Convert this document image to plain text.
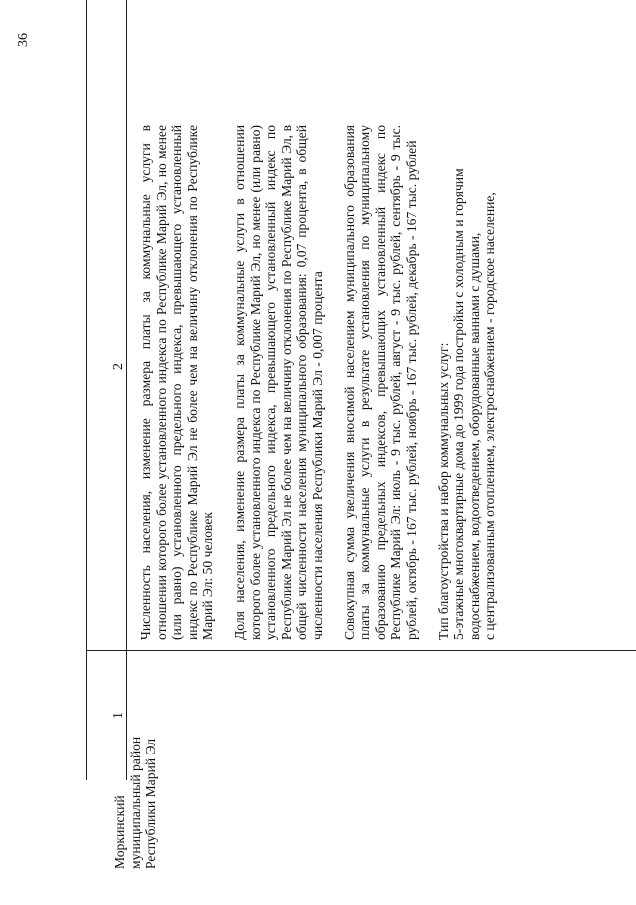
36
1
2
Моркинский муниципальный район Республики Марий Эл
Численность населения, изменение размера платы за коммунальные услуги в отношении которого более установленного индекса по Республике Марий Эл, но менее (или равно) установленного предельного индекса, превышающего установленный индекс по Республике Марий Эл не более чем на величину отклонения по Республике Марий Эл: 50 человек Доля населения, изменение размера платы за коммунальные услуги в отношении которого более установленного индекса по Республике Марий Эл, но менее (или равно) установленного предельного индекса, превышающего установленный индекс по Республике Марий Эл не более чем на величину отклонения по Республике Марий Эл, в общей численности населения муниципального образования: 0,07 процента, в общей численности населения Республики Марий Эл - 0,007 процента Совокупная сумма увеличения вносимой населением муниципального образования платы за коммунальные услуги в результате установления по муниципальному образованию предельных индексов, превышающих установленный индекс по Республике Марий Эл: июль - 9 тыс. рублей, август - 9 тыс. рублей, сентябрь - 9 тыс. рублей, октябрь - 167 тыс. рублей, ноябрь - 167 тыс. рублей, декабрь - 167 тыс. рублей Тип благоустройства и набор коммунальных услуг: 5-этажные многоквартирные дома до 1999 года постройки с холодным и горячим водоснабжением, водоотведением, оборудованные ваннами с душами, с централизованным отоплением, электроснабжением - городское население,
